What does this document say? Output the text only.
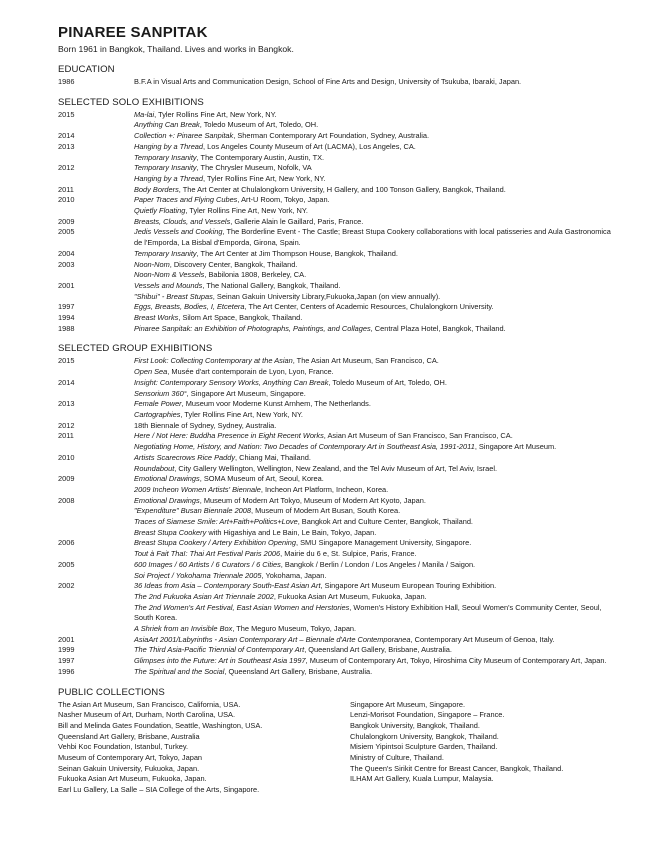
PINAREE SANPITAK
Born 1961 in Bangkok, Thailand. Lives and works in Bangkok.
EDUCATION
1986	B.F.A in Visual Arts and Communication Design, School of Fine Arts and Design, University of Tsukuba, Ibaraki, Japan.
SELECTED SOLO EXHIBITIONS
2015	Ma-lai, Tyler Rollins Fine Art, New York, NY.
Anything Can Break, Toledo Museum of Art, Toledo, OH.
2014	Collection +: Pinaree Sanpitak, Sherman Contemporary Art Foundation, Sydney, Australia.
2013	Hanging by a Thread, Los Angeles County Museum of Art (LACMA), Los Angeles, CA.
Temporary Insanity, The Contemporary Austin, Austin, TX.
2012	Temporary Insanity, The Chrysler Museum, Nofolk, VA
Hanging by a Thread, Tyler Rollins Fine Art, New York, NY.
2011	Body Borders, The Art Center at Chulalongkorn University, H Gallery, and 100 Tonson Gallery, Bangkok, Thailand.
2010	Paper Traces and Flying Cubes, Art-U Room, Tokyo, Japan.
Quietly Floating, Tyler Rollins Fine Art, New York, NY.
2009	Breasts, Clouds, and Vessels, Gallerie Alain le Gaillard, Paris, France.
2005	Jedis Vessels and Cooking, The Borderline Event - The Castle; Breast Stupa Cookery collaborations with local patisseries and Aula Gastronomica de l'Emporda, La Bisbal d'Emporda, Girona, Spain.
2004	Temporary Insanity, The Art Center at Jim Thompson House, Bangkok, Thailand.
2003	Noon-Nom, Discovery Center, Bangkok, Thailand.
Noon-Nom & Vessels, Babilonia 1808, Berkeley, CA.
2001	Vessels and Mounds, The National Gallery, Bangkok, Thailand.
"Shibui" - Breast Stupas, Seinan Gakuin University Library,Fukuoka,Japan (on view annually).
1997	Eggs, Breasts, Bodies, I, Etcetera, The Art Center, Centers of Academic Resources, Chulalongkorn University.
1994	Breast Works, Silom Art Space, Bangkok, Thailand.
1988	Pinaree Sanpitak: an Exhibition of Photographs, Paintings, and Collages, Central Plaza Hotel, Bangkok, Thailand.
SELECTED GROUP EXHIBITIONS
2015	First Look: Collecting Contemporary at the Asian, The Asian Art Museum, San Francisco, CA.
Open Sea, Musée d'art contemporain de Lyon, Lyon, France.
2014	Insight: Contemporary Sensory Works, Anything Can Break, Toledo Museum of Art, Toledo, OH.
Sensorium 360°, Singapore Art Museum, Singapore.
2013	Female Power, Museum voor Moderne Kunst Arnhem, The Netherlands.
Cartographies, Tyler Rollins Fine Art, New York, NY.
2012	18th Biennale of Sydney, Sydney, Australia.
2011	Here / Not Here: Buddha Presence in Eight Recent Works, Asian Art Museum of San Francisco, San Francisco, CA.
Negotiating Home, History, and Nation: Two Decades of Contemporary Art in Southeast Asia, 1991-2011, Singapore Art Museum.
2010	Artists Scarecrows Rice Paddy, Chiang Mai, Thailand.
Roundabout, City Gallery Wellington, Wellington, New Zealand, and the Tel Aviv Museum of Art, Tel Aviv, Israel.
2009	Emotional Drawings, SOMA Museum of Art, Seoul, Korea.
2009 Incheon Women Artists' Biennale, Incheon Art Platform, Incheon, Korea.
2008	Emotional Drawings, Museum of Modern Art Tokyo, Museum of Modern Art Kyoto, Japan.
"Expenditure" Busan Biennale 2008, Museum of Modern Art Busan, South Korea.
Traces of Siamese Smile: Art+Faith+Politics+Love, Bangkok Art and Culture Center, Bangkok, Thailand.
Breast Stupa Cookery with Higashiya and Le Bain, Le Bain, Tokyo, Japan.
2006	Breast Stupa Cookery / Artery Exhibition Opening, SMU Singapore Management University, Singapore.
Tout à Fait Thaï: Thai Art Festival Paris 2006, Mairie du 6 e, St. Sulpice, Paris, France.
2005	600 Images / 60 Artists / 6 Curators / 6 Cities, Bangkok / Berlin / London / Los Angeles / Manila / Saigon.
Soi Project / Yokohama Triennale 2005, Yokohama, Japan.
2002	36 Ideas from Asia – Contemporary South-East Asian Art, Singapore Art Museum European Touring Exhibition.
The 2nd Fukuoka Asian Art Triennale 2002, Fukuoka Asian Art Museum, Fukuoka, Japan.
The 2nd Women's Art Festival, East Asian Women and Herstories, Women's History Exhibition Hall, Seoul Women's Community Center, Seoul, South Korea.
A Shriek from an Invisible Box, The Meguro Museum, Tokyo, Japan.
2001	AsiaArt 2001/Labyrinths - Asian Contemporary Art – Biennale d'Arte Contemporanea, Contemporary Art Museum of Genoa, Italy.
1999	The Third Asia-Pacific Triennial of Contemporary Art, Queensland Art Gallery, Brisbane, Australia.
1997	Glimpses into the Future: Art in Southeast Asia 1997, Museum of Contemporary Art, Tokyo, Hiroshima City Museum of Contemporary Art, Japan.
1996	The Spiritual and the Social, Queensland Art Gallery, Brisbane, Australia.
PUBLIC COLLECTIONS
The Asian Art Museum, San Francisco, California, USA.
Nasher Museum of Art, Durham, North Carolina, USA.
Bill and Melinda Gates Foundation, Seattle, Washington, USA.
Queensland Art Gallery, Brisbane, Australia
Vehbi Koc Foundation, Istanbul, Turkey.
Museum of Contemporary Art, Tokyo, Japan
Seinan Gakuin University, Fukuoka, Japan.
Fukuoka Asian Art Museum, Fukuoka, Japan.
Earl Lu Gallery, La Salle – SIA College of the Arts, Singapore.
Singapore Art Museum, Singapore.
Lenzi-Morisot Foundation, Singapore – France.
Bangkok University, Bangkok, Thailand.
Chulalongkorn University, Bangkok, Thailand.
Misiem Yipintsoi Sculpture Garden, Thailand.
Ministry of Culture, Thailand.
The Queen's Sirikit Centre for Breast Cancer, Bangkok, Thailand.
ILHAM Art Gallery, Kuala Lumpur, Malaysia.
